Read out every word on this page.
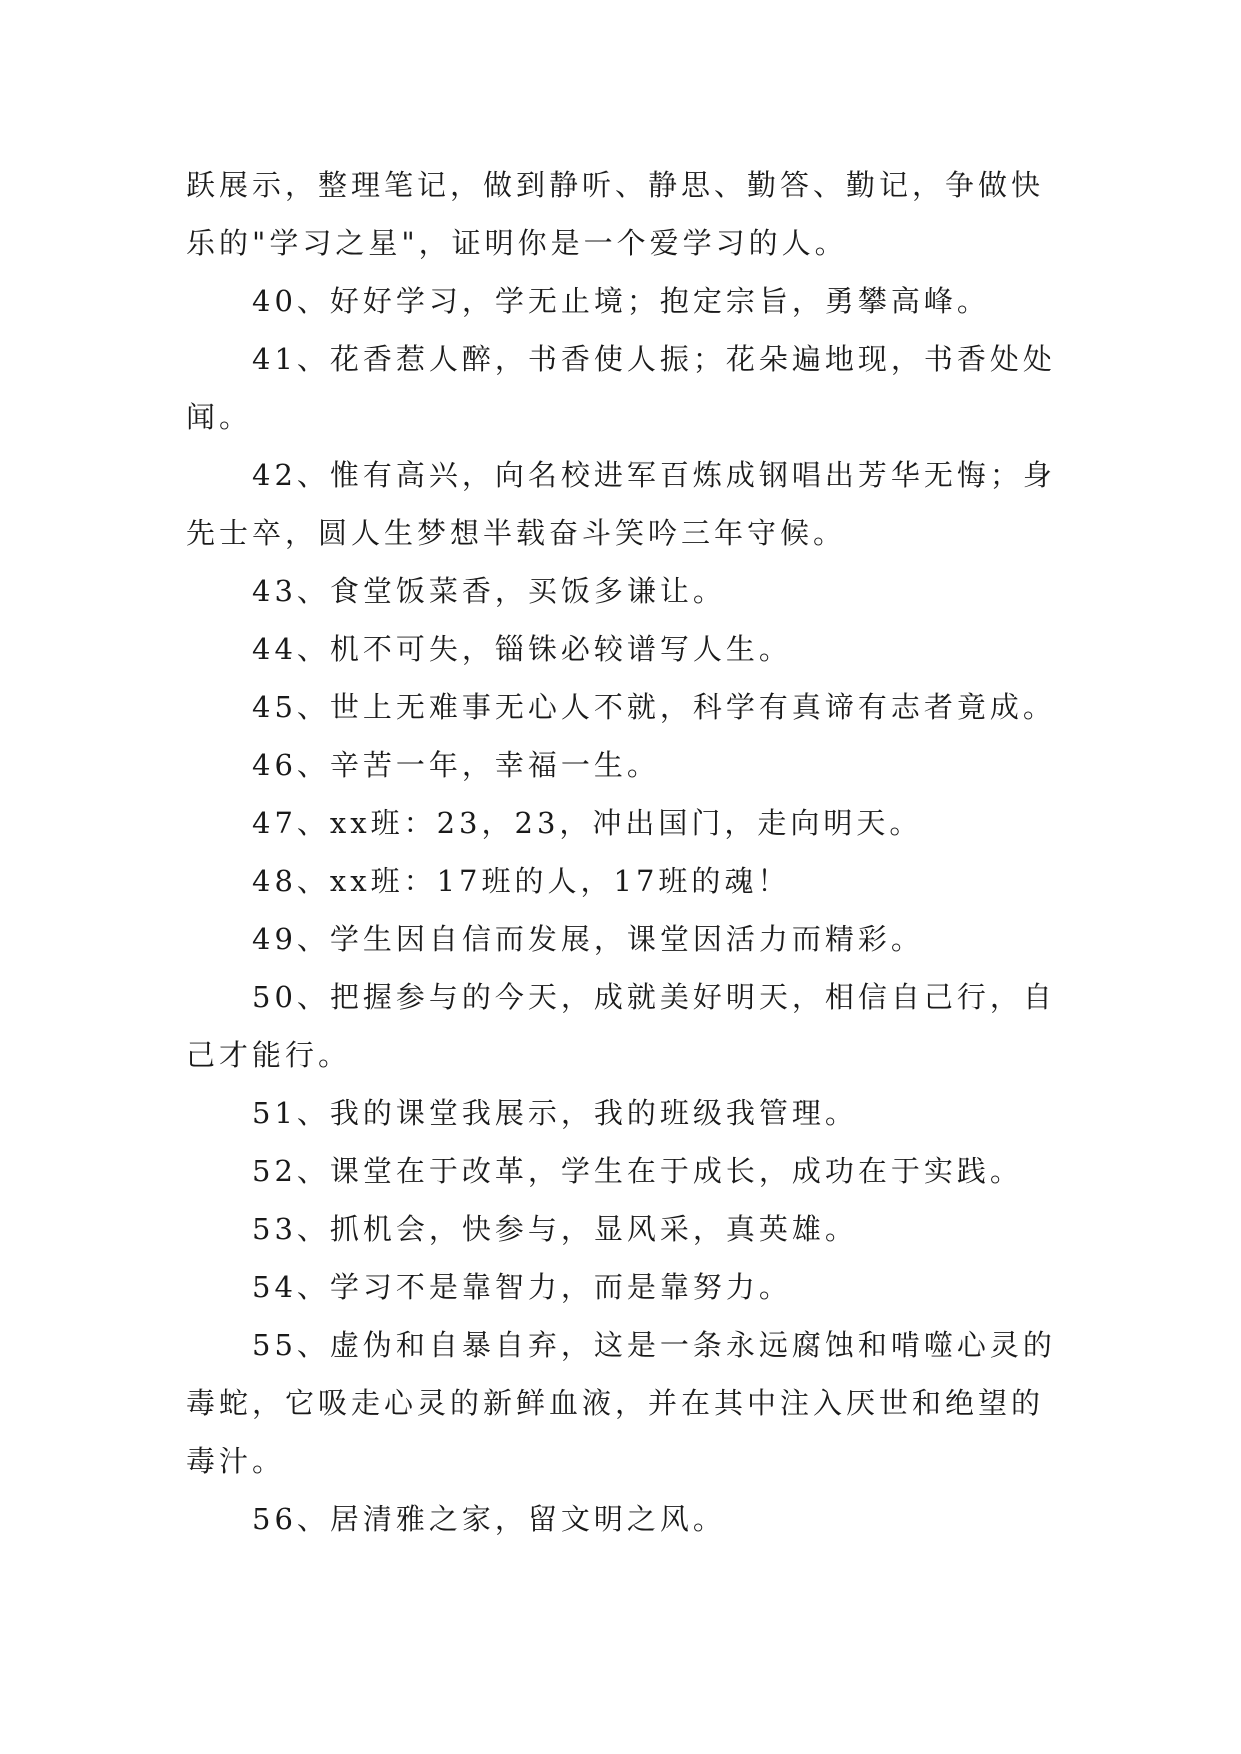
跃展示，整理笔记，做到静听、静思、勤答、勤记，争做快
乐的"学习之星"，证明你是一个爱学习的人。
40、好好学习，学无止境；抱定宗旨，勇攀高峰。
41、花香惹人醉，书香使人振；花朵遍地现，书香处处
闻。
42、惟有高兴，向名校进军百炼成钢唱出芳华无悔；身
先士卒，圆人生梦想半载奋斗笑吟三年守候。
43、食堂饭菜香，买饭多谦让。
44、机不可失，锱铢必较谱写人生。
45、世上无难事无心人不就，科学有真谛有志者竟成。
46、辛苦一年，幸福一生。
47、xx班：23，23，冲出国门，走向明天。
48、xx班：17班的人，17班的魂！
49、学生因自信而发展，课堂因活力而精彩。
50、把握参与的今天，成就美好明天，相信自己行，自
己才能行。
51、我的课堂我展示，我的班级我管理。
52、课堂在于改革，学生在于成长，成功在于实践。
53、抓机会，快参与，显风采，真英雄。
54、学习不是靠智力，而是靠努力。
55、虚伪和自暴自弃，这是一条永远腐蚀和啃噬心灵的
毒蛇，它吸走心灵的新鲜血液，并在其中注入厌世和绝望的
毒汁。
56、居清雅之家，留文明之风。
